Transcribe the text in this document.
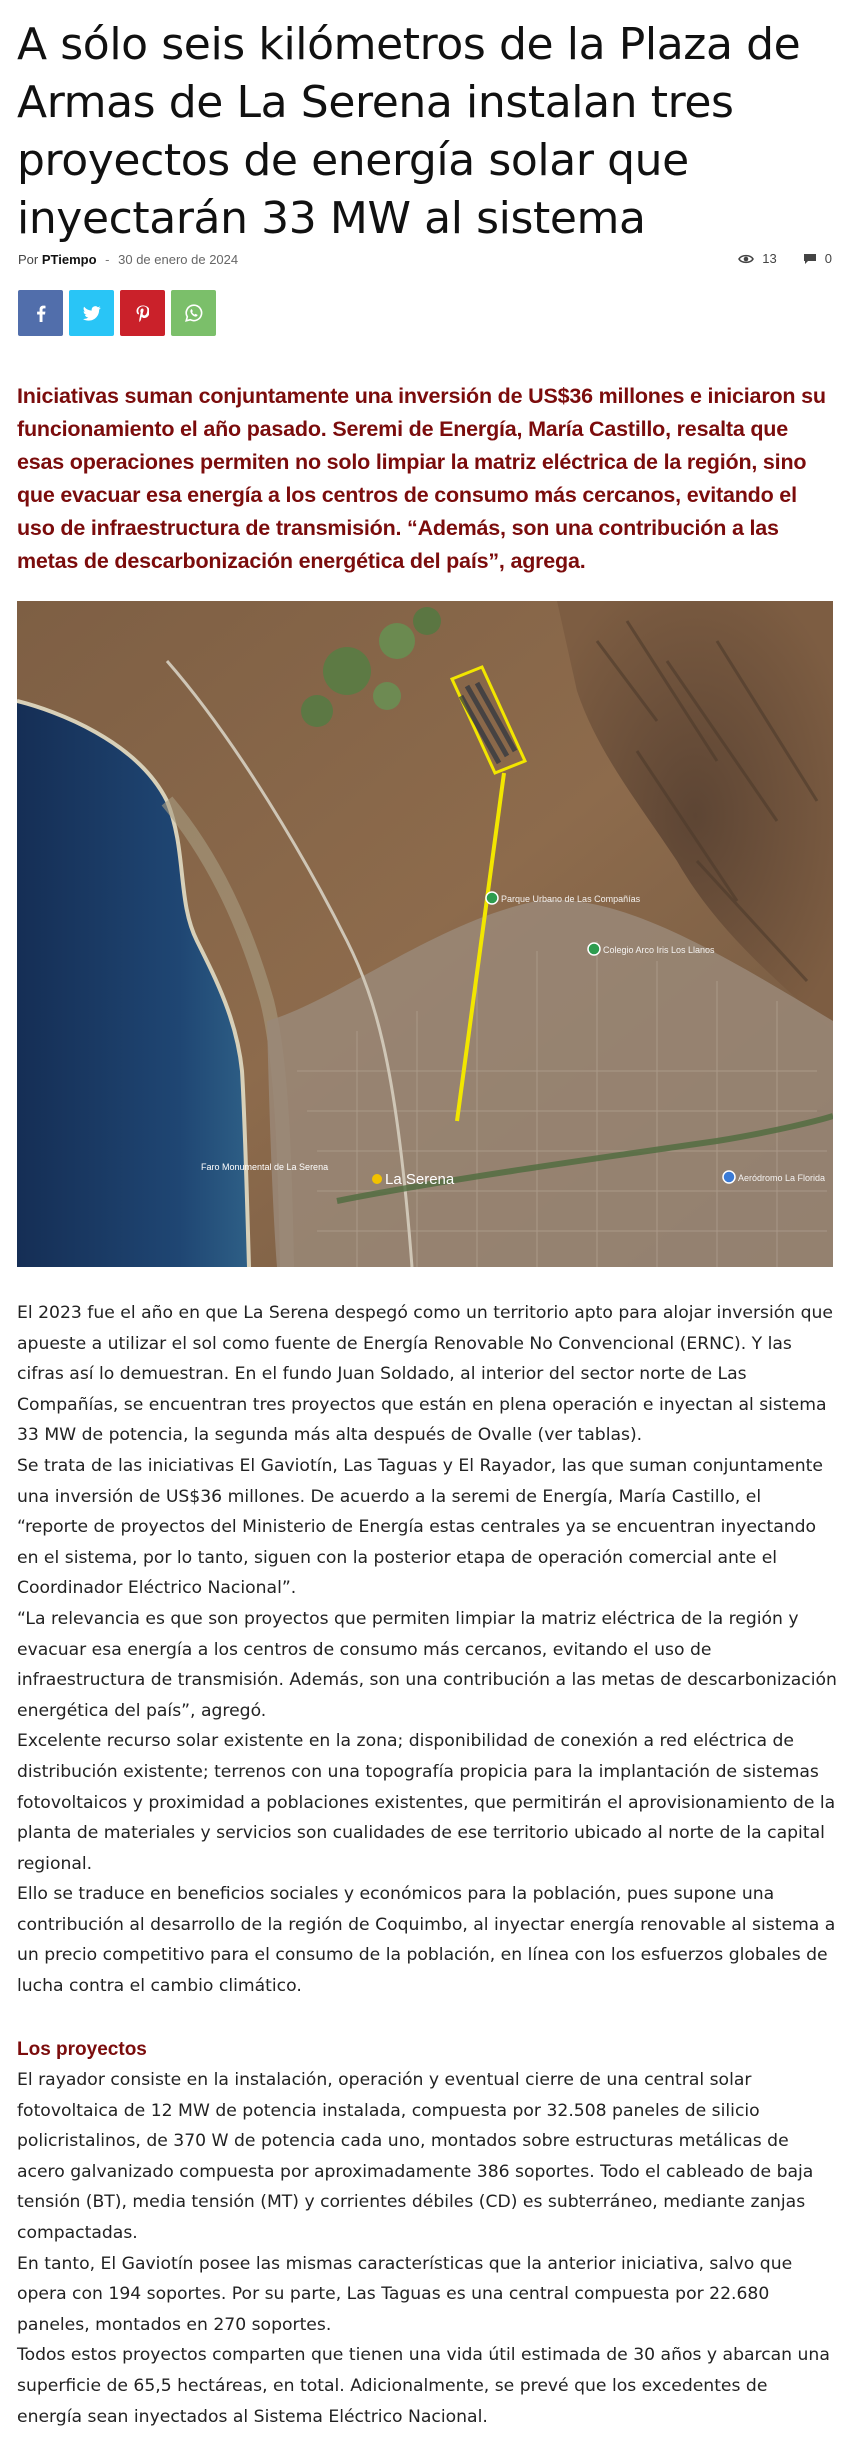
A sólo seis kilómetros de la Plaza de Armas de La Serena instalan tres proyectos de energía solar que inyectarán 33 MW al sistema
Por PTiempo - 30 de enero de 2024	13	0

Iniciativas suman conjuntamente una inversión de US$36 millones e iniciaron su funcionamiento el año pasado. Seremi de Energía, María Castillo, resalta que esas operaciones permiten no solo limpiar la matriz eléctrica de la región, sino que evacuar esa energía a los centros de consumo más cercanos, evitando el uso de infraestructura de transmisión. “Además, son una contribución a las metas de descarbonización energética del país”, agrega.

Parque Urbano de Las Compañías
Colegio Arco Iris Los Llanos
Faro Monumental de La Serena
La Serena	Aeródromo La Florida

El 2023 fue el año en que La Serena despegó como un territorio apto para alojar inversión que apueste a utilizar el sol como fuente de Energía Renovable No Convencional (ERNC). Y las cifras así lo demuestran. En el fundo Juan Soldado, al interior del sector norte de Las Compañías, se encuentran tres proyectos que están en plena operación e inyectan al sistema 33 MW de potencia, la segunda más alta después de Ovalle (ver tablas).

Se trata de las iniciativas El Gaviotín, Las Taguas y El Rayador, las que suman conjuntamente una inversión de US$36 millones. De acuerdo a la seremi de Energía, María Castillo, el “reporte de proyectos del Ministerio de Energía estas centrales ya se encuentran inyectando en el sistema, por lo tanto, siguen con la posterior etapa de operación comercial ante el Coordinador Eléctrico Nacional”.

“La relevancia es que son proyectos que permiten limpiar la matriz eléctrica de la región y evacuar esa energía a los centros de consumo más cercanos, evitando el uso de infraestructura de transmisión. Además, son una contribución a las metas de descarbonización energética del país”, agregó.

Excelente recurso solar existente en la zona; disponibilidad de conexión a red eléctrica de distribución existente; terrenos con una topografía propicia para la implantación de sistemas fotovoltaicos y proximidad a poblaciones existentes, que permitirán el aprovisionamiento de la planta de materiales y servicios son cualidades de ese territorio ubicado al norte de la capital regional.

Ello se traduce en beneficios sociales y económicos para la población, pues supone una contribución al desarrollo de la región de Coquimbo, al inyectar energía renovable al sistema a un precio competitivo para el consumo de la población, en línea con los esfuerzos globales de lucha contra el cambio climático.

Los proyectos

El rayador consiste en la instalación, operación y eventual cierre de una central solar fotovoltaica de 12 MW de potencia instalada, compuesta por 32.508 paneles de silicio policristalinos, de 370 W de potencia cada uno, montados sobre estructuras metálicas de acero galvanizado compuesta por aproximadamente 386 soportes. Todo el cableado de baja tensión (BT), media tensión (MT) y corrientes débiles (CD) es subterráneo, mediante zanjas compactadas.

En tanto, El Gaviotín posee las mismas características que la anterior iniciativa, salvo que opera con 194 soportes. Por su parte, Las Taguas es una central compuesta por 22.680 paneles, montados en 270 soportes.

Todos estos proyectos comparten que tienen una vida útil estimada de 30 años y abarcan una superficie de 65,5 hectáreas, en total. Adicionalmente, se prevé que los excedentes de energía sean inyectados al Sistema Eléctrico Nacional.
